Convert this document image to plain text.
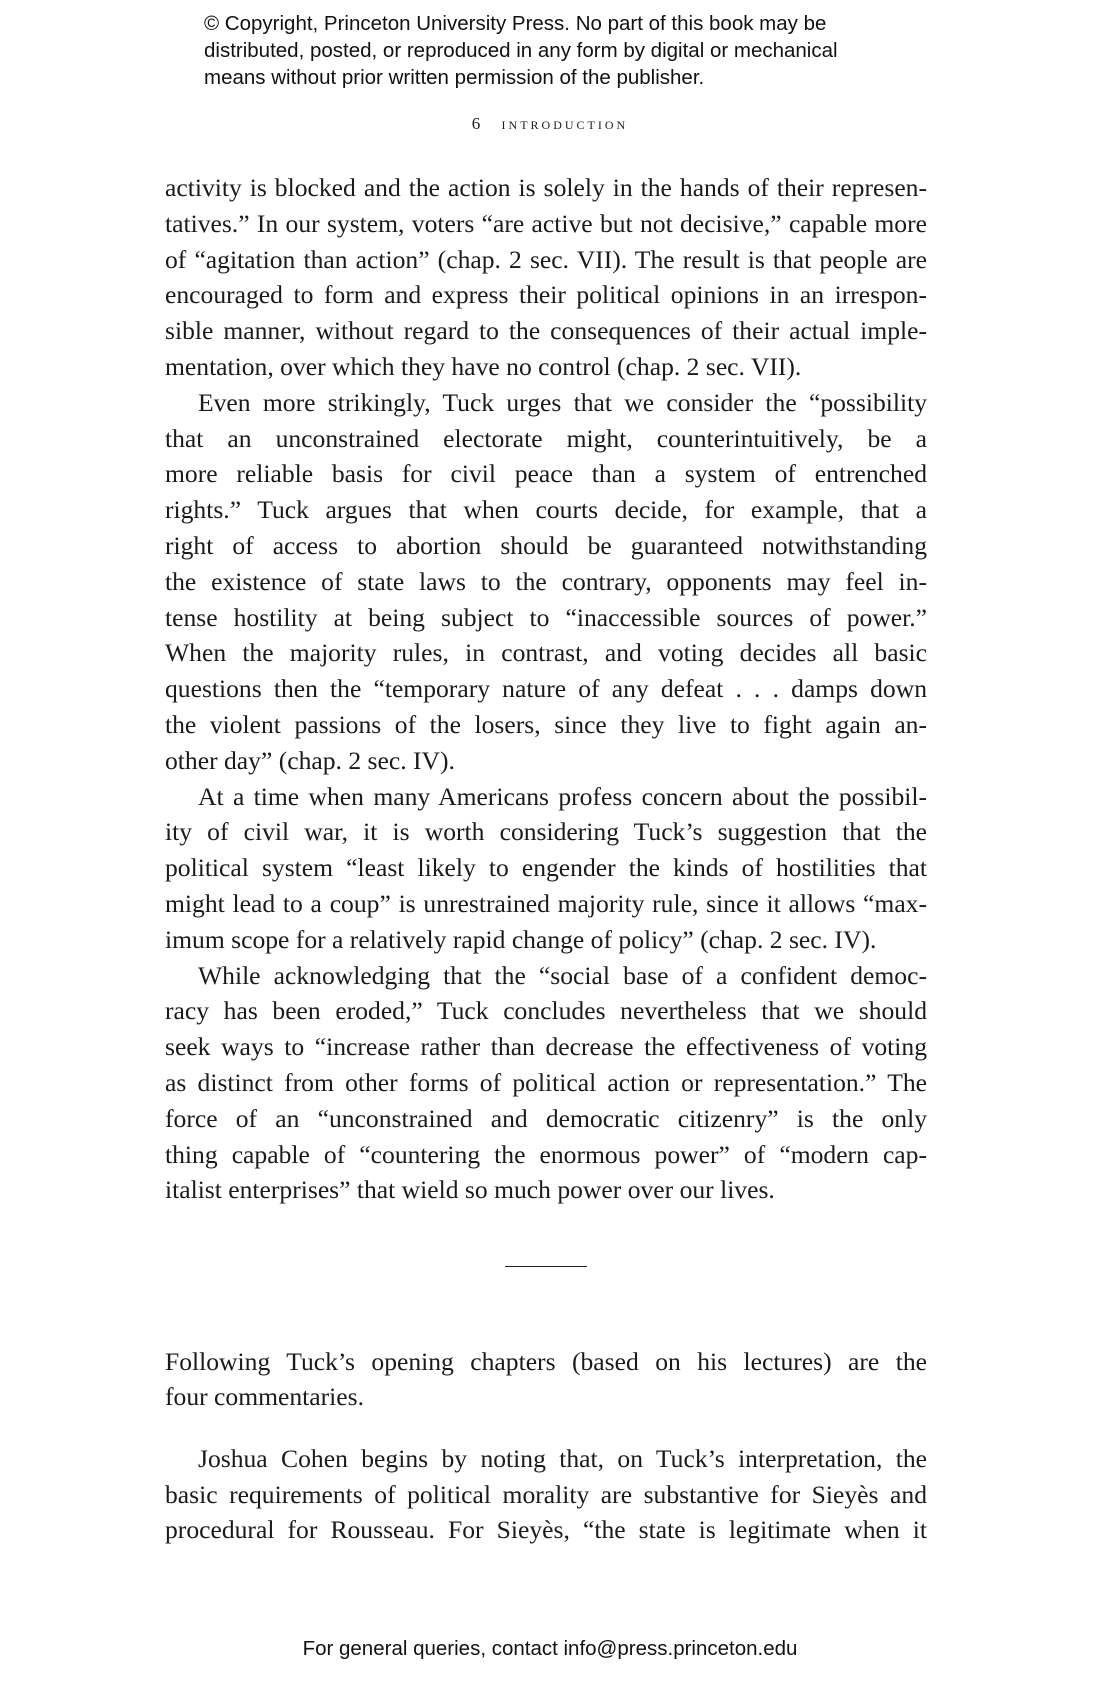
© Copyright, Princeton University Press. No part of this book may be
distributed, posted, or reproduced in any form by digital or mechanical
means without prior written permission of the publisher.
6 introduction

activity is blocked and the action is solely in the hands of their represen-
tatives.” In our system, voters “are active but not decisive,” capable more
of “agitation than action” (chap. 2 sec. VII). The result is that people are
encouraged to form and express their political opinions in an irrespon-
sible manner, without regard to the consequences of their actual imple-
mentation, over which they have no control (chap. 2 sec. VII).

Even more strikingly, Tuck urges that we consider the “possibility
that an unconstrained electorate might, counterintuitively, be a
more reliable basis for civil peace than a system of entrenched
rights.” Tuck argues that when courts decide, for example, that a
right of access to abortion should be guaranteed notwithstanding
the existence of state laws to the contrary, opponents may feel in-
tense hostility at being subject to “inaccessible sources of power.”
When the majority rules, in contrast, and voting decides all basic
questions then the “temporary nature of any defeat . . . damps down
the violent passions of the losers, since they live to fight again an-
other day” (chap. 2 sec. IV).

At a time when many Americans profess concern about the possibil-
ity of civil war, it is worth considering Tuck’s suggestion that the
political system “least likely to engender the kinds of hostilities that
might lead to a coup” is unrestrained majority rule, since it allows “max-
imum scope for a relatively rapid change of policy” (chap. 2 sec. IV).

While acknowledging that the “social base of a confident democ-
racy has been eroded,” Tuck concludes nevertheless that we should
seek ways to “increase rather than decrease the effectiveness of voting
as distinct from other forms of political action or representation.” The
force of an “unconstrained and democratic citizenry” is the only
thing capable of “countering the enormous power” of “modern cap-
italist enterprises” that wield so much power over our lives.

Following Tuck’s opening chapters (based on his lectures) are the
four commentaries.

Joshua Cohen begins by noting that, on Tuck’s interpretation, the
basic requirements of political morality are substantive for Sieyès and
procedural for Rousseau. For Sieyès, “the state is legitimate when it

For general queries, contact info@press.princeton.edu
